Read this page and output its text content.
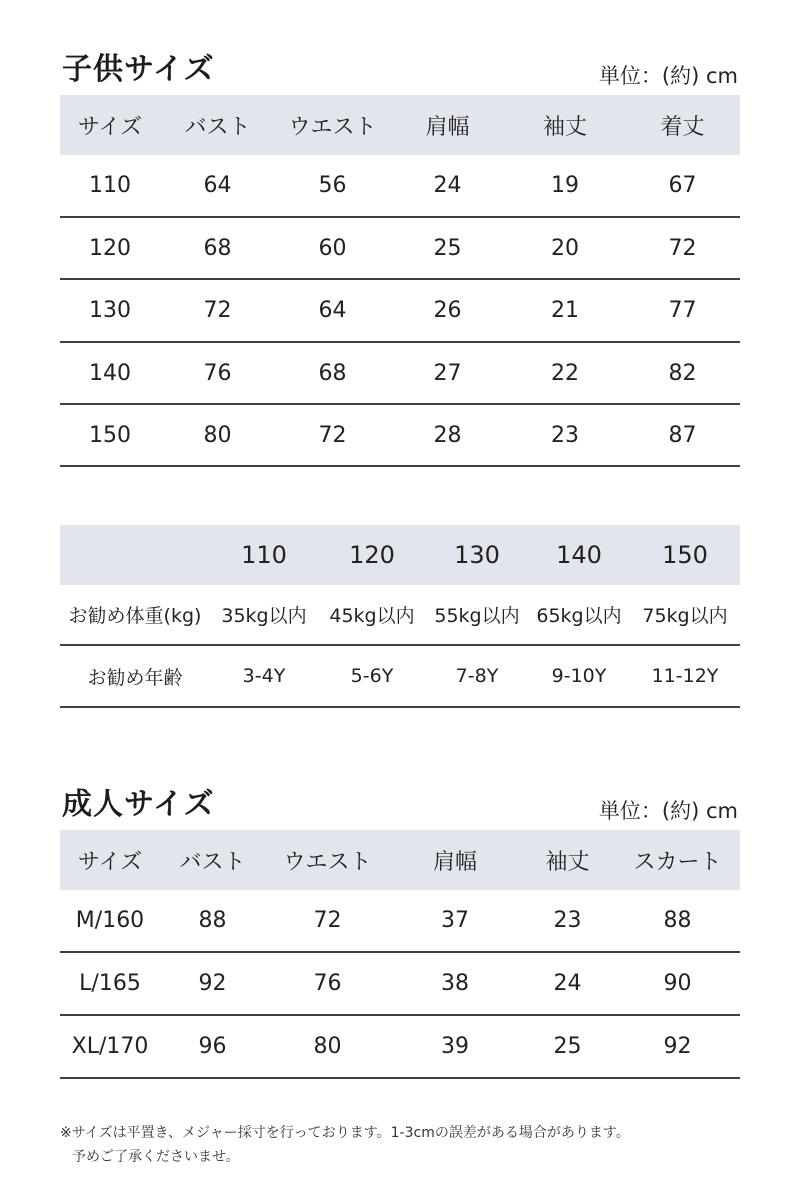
子供サイズ	単位：(約) cm
サイズ	バスト	ウエスト	肩幅	袖丈	着丈
110	64	56	24	19	67
120	68	60	25	20	72
130	72	64	26	21	77
140	76	68	27	22	82
150	80	72	28	23	87
	110	120	130	140	150
お勧め体重(kg)	35kg以内	45kg以内	55kg以内	65kg以内	75kg以内
お勧め年齢	3-4Y	5-6Y	7-8Y	9-10Y	11-12Y
成人サイズ	単位：(約) cm
サイズ	バスト	ウエスト	肩幅	袖丈	スカート
M/160	88	72	37	23	88
L/165	92	76	38	24	90
XL/170	96	80	39	25	92

※サイズは平置き、メジャー採寸を行っております。1-3cmの誤差がある場合があります。

予めご了承くださいませ。
